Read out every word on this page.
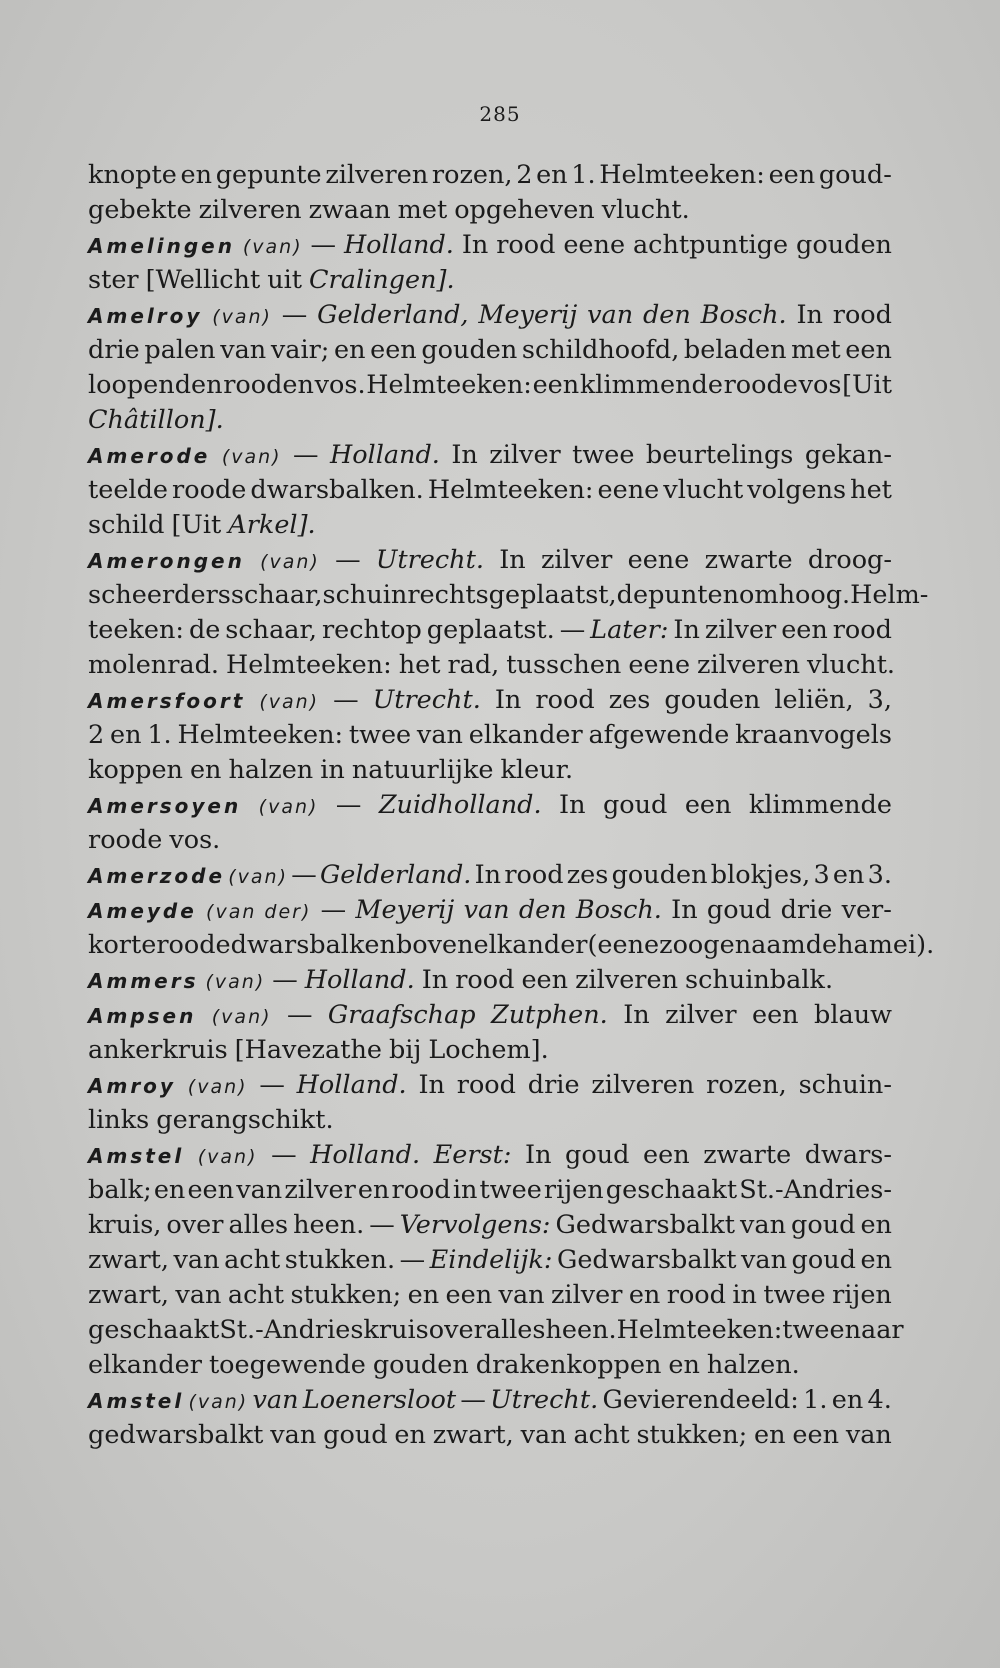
285
knopte en gepunte zilveren rozen, 2 en 1. Helmteeken: een goud-
gebekte zilveren zwaan met opgeheven vlucht.
Amelingen (van) — Holland. In rood eene achtpuntige gouden
ster [Wellicht uit Cralingen].
Amelroy (van) — Gelderland, Meyerij van den Bosch. In rood
drie palen van vair; en een gouden schildhoofd, beladen met een
loopenden rooden vos. Helmteeken: een klimmende roode vos [Uit
Châtillon].
Amerode (van) — Holland. In zilver twee beurtelings gekan-
teelde roode dwarsbalken. Helmteeken: eene vlucht volgens het
schild [Uit Arkel].
Amerongen (van) — Utrecht. In zilver eene zwarte droog-
scheerdersschaar, schuinrechts geplaatst, de punten omhoog. Helm-
teeken: de schaar, rechtop geplaatst. — Later: In zilver een rood
molenrad. Helmteeken: het rad, tusschen eene zilveren vlucht.
Amersfoort (van) — Utrecht. In rood zes gouden leliën, 3,
2 en 1. Helmteeken: twee van elkander afgewende kraanvogels
koppen en halzen in natuurlijke kleur.
Amersoyen (van) — Zuidholland. In goud een klimmende
roode vos.
Amerzode (van) — Gelderland. In rood zes gouden blokjes, 3 en 3.
Ameyde (van der) — Meyerij van den Bosch. In goud drie ver-
korte roode dwarsbalken boven elkander (eene zoogenaamde hamei).
Ammers (van) — Holland. In rood een zilveren schuinbalk.
Ampsen (van) — Graafschap Zutphen. In zilver een blauw
ankerkruis [Havezathe bij Lochem].
Amroy (van) — Holland. In rood drie zilveren rozen, schuin-
links gerangschikt.
Amstel (van) — Holland. Eerst: In goud een zwarte dwars-
balk; en een van zilver en rood in twee rijen geschaakt St.-Andries-
kruis, over alles heen. — Vervolgens: Gedwarsbalkt van goud en
zwart, van acht stukken. — Eindelijk: Gedwarsbalkt van goud en
zwart, van acht stukken; en een van zilver en rood in twee rijen
geschaakt St.-Andrieskruis over alles heen. Helmteeken: twee naar
elkander toegewende gouden drakenkoppen en halzen.
Amstel (van) van Loenersloot — Utrecht. Gevierendeeld: 1. en 4.
gedwarsbalkt van goud en zwart, van acht stukken; en een van
